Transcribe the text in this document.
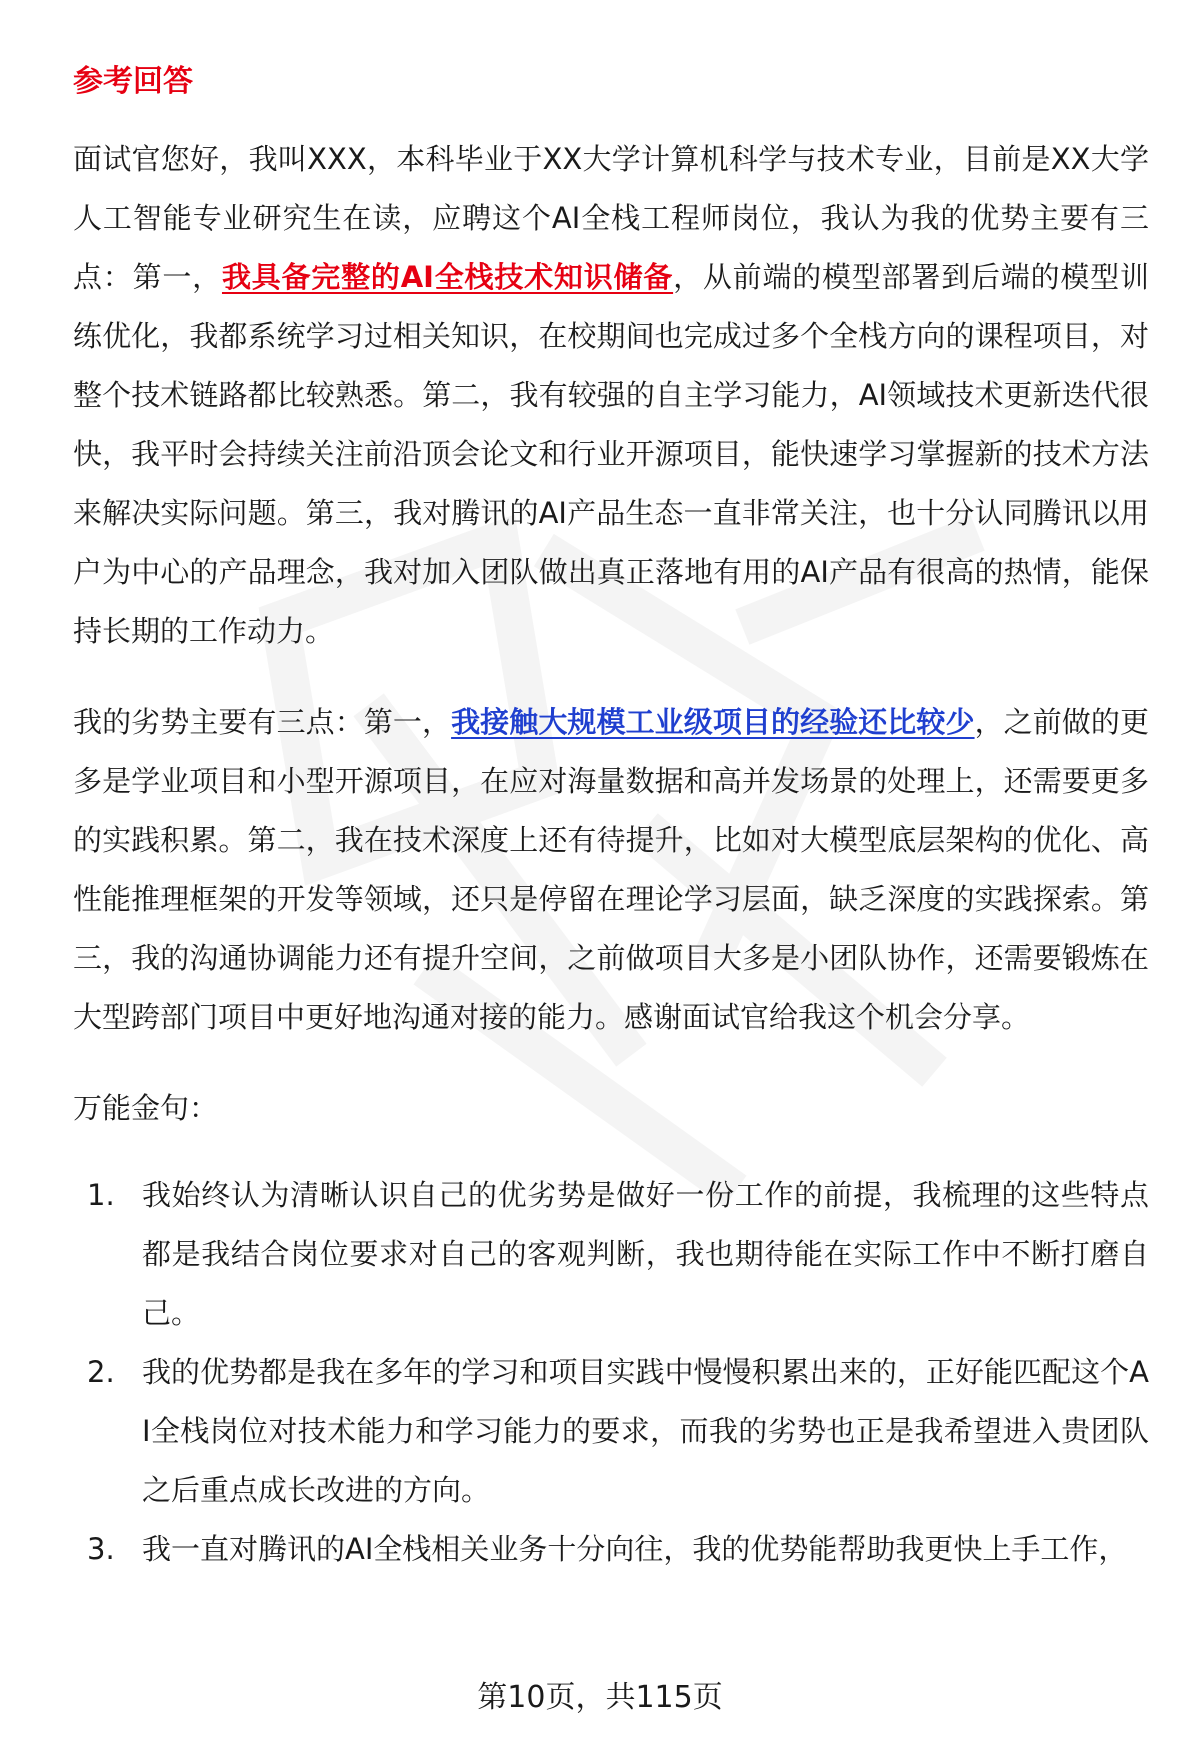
参考回答

面试官您好，我叫XXX，本科毕业于XX大学计算机科学与技术专业，目前是XX大学人工智能专业研究生在读，应聘这个AI全栈工程师岗位，我认为我的优势主要有三点：第一，我具备完整的AI全栈技术知识储备，从前端的模型部署到后端的模型训练优化，我都系统学习过相关知识，在校期间也完成过多个全栈方向的课程项目，对整个技术链路都比较熟悉。第二，我有较强的自主学习能力，AI领域技术更新迭代很快，我平时会持续关注前沿顶会论文和行业开源项目，能快速学习掌握新的技术方法来解决实际问题。第三，我对腾讯的AI产品生态一直非常关注，也十分认同腾讯以用户为中心的产品理念，我对加入团队做出真正落地有用的AI产品有很高的热情，能保持长期的工作动力。

我的劣势主要有三点：第一，我接触大规模工业级项目的经验还比较少，之前做的更多是学业项目和小型开源项目，在应对海量数据和高并发场景的处理上，还需要更多的实践积累。第二，我在技术深度上还有待提升，比如对大模型底层架构的优化、高性能推理框架的开发等领域，还只是停留在理论学习层面，缺乏深度的实践探索。第三，我的沟通协调能力还有提升空间，之前做项目大多是小团队协作，还需要锻炼在大型跨部门项目中更好地沟通对接的能力。感谢面试官给我这个机会分享。

万能金句：
1. 我始终认为清晰认识自己的优劣势是做好一份工作的前提，我梳理的这些特点都是我结合岗位要求对自己的客观判断，我也期待能在实际工作中不断打磨自己。
2. 我的优势都是我在多年的学习和项目实践中慢慢积累出来的，正好能匹配这个AI全栈岗位对技术能力和学习能力的要求，而我的劣势也正是我希望进入贵团队之后重点成长改进的方向。
3. 我一直对腾讯的AI全栈相关业务十分向往，我的优势能帮助我更快上手工作，
第10页，共115页
